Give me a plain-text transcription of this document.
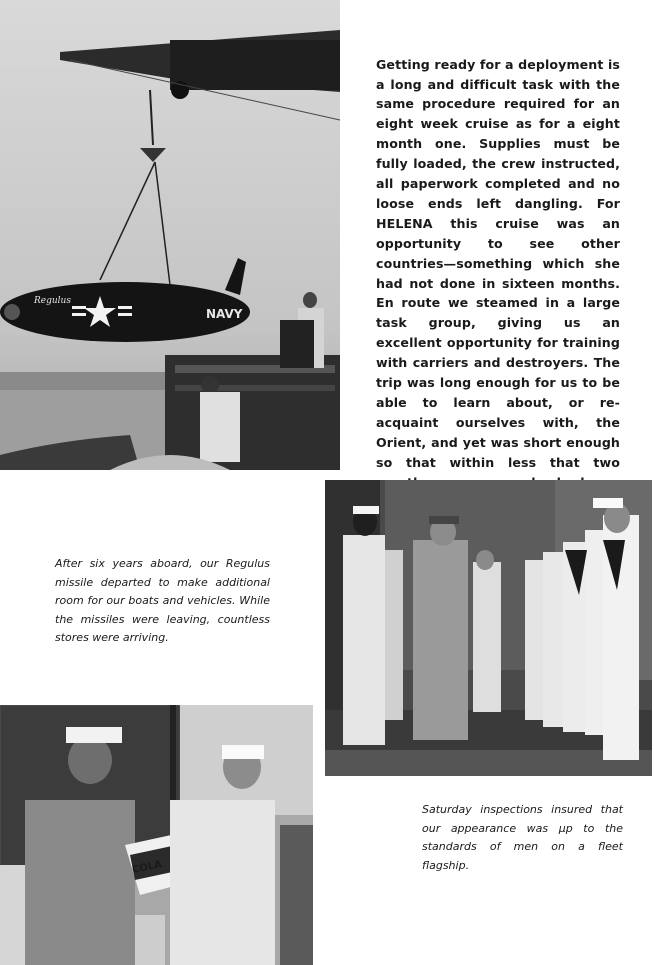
Regulus
NAVY

Getting ready for a deployment is a long and difficult task with the same procedure required for an eight week cruise as for a eight month one. Supplies must be fully loaded, the crew instructed, all paperwork completed and no loose ends left dangling. For HELENA this cruise was an opportunity to see other countries—something which she had not done in sixteen months. En route we steamed in a large task group, giving us an excellent opportunity for training with carriers and destroyers. The trip was long enough for us to be able to learn about, or re-acquaint ourselves with, the Orient, and yet was short enough so that within less that two

After six years aboard, our Regulus missile departed to make additional room for our boats and vehicles. While the missiles were leaving, countless stores were arriving.

Saturday inspections insured that our appearance was µp to the standards of men on a fleet flagship.

COLA
